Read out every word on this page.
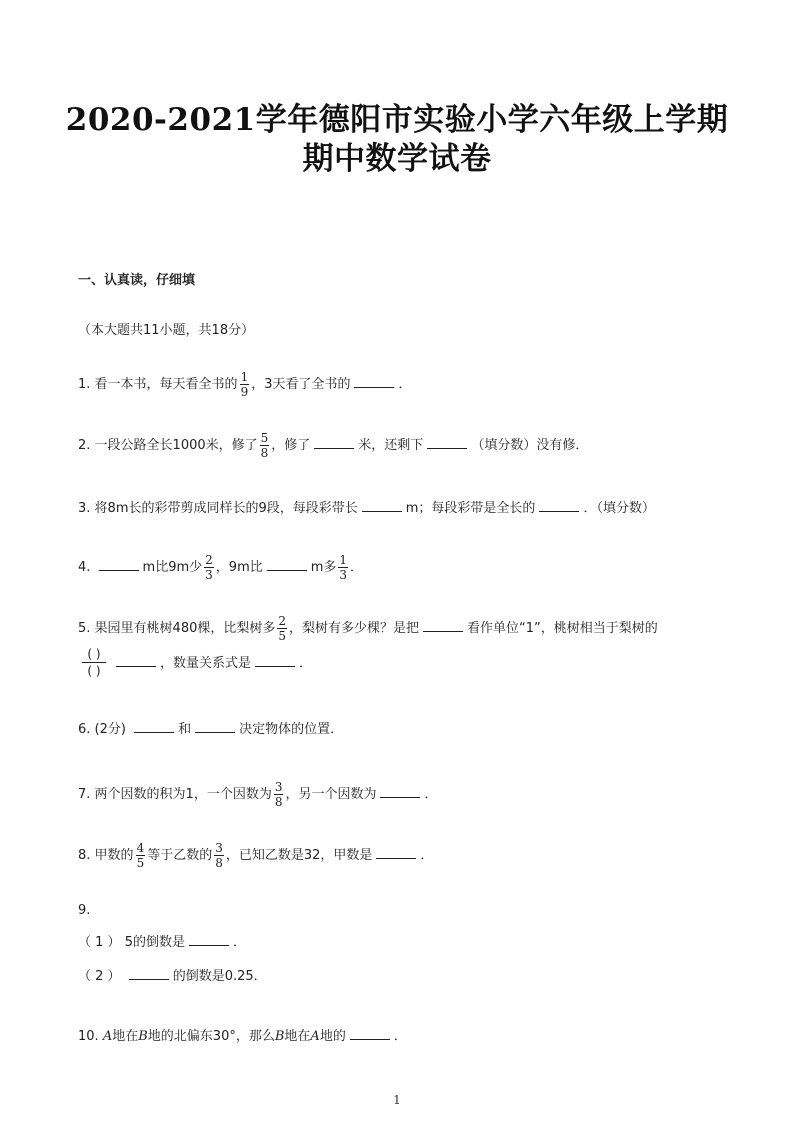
2020-2021学年德阳市实验小学六年级上学期
期中数学试卷
一、认真读，仔细填
（本大题共11小题，共18分）
1. 看一本书，每天看全书的 $\frac{1}{9}$ ，3天看了全书的	．
2. 一段公路全长1000米，修了 $\frac{5}{8}$ ，修了	米，还剩下	（填分数）没有修．
3. 将8m长的彩带剪成同样长的9段，每段彩带长	m；每段彩带是全长的	．（填分数）
4.	m比9m少 $\frac{2}{3}$ ，9m比	m多 $\frac{1}{3}$ ．
5. 果园里有桃树480棵，比梨树多 $\frac{2}{5}$ ，梨树有多少棵？是把	看作单位“1”，桃树相当于梨树的
( )
( )	，数量关系式是	．
6. (2分)	和	决定物体的位置．
7. 两个因数的积为1，一个因数为 $\frac{3}{8}$ ，另一个因数为	．
8. 甲数的 $\frac{4}{5}$ 等于乙数的 $\frac{3}{8}$ ，已知乙数是32，甲数是	．
9.
（ 1 ） 5的倒数是	．
（ 2 ）	的倒数是0.25．
10. A地在B地的北偏东30°，那么B地在A地的	．
1
